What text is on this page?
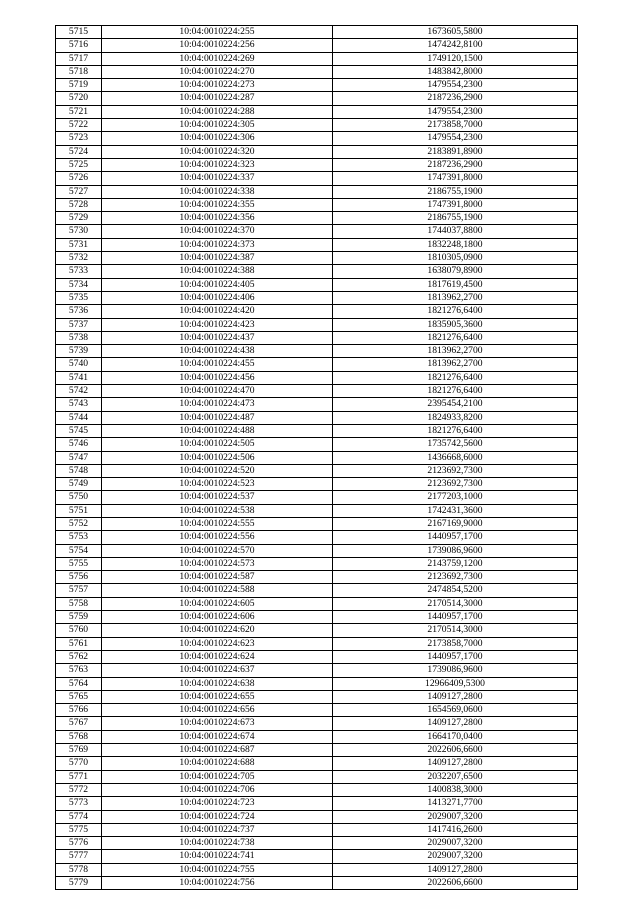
5715	10:04:0010224:255	1673605,5800
5716	10:04:0010224:256	1474242,8100
5717	10:04:0010224:269	1749120,1500
5718	10:04:0010224:270	1483842,8000
5719	10:04:0010224:273	1479554,2300
5720	10:04:0010224:287	2187236,2900
5721	10:04:0010224:288	1479554,2300
5722	10:04:0010224:305	2173858,7000
5723	10:04:0010224:306	1479554,2300
5724	10:04:0010224:320	2183891,8900
5725	10:04:0010224:323	2187236,2900
5726	10:04:0010224:337	1747391,8000
5727	10:04:0010224:338	2186755,1900
5728	10:04:0010224:355	1747391,8000
5729	10:04:0010224:356	2186755,1900
5730	10:04:0010224:370	1744037,8800
5731	10:04:0010224:373	1832248,1800
5732	10:04:0010224:387	1810305,0900
5733	10:04:0010224:388	1638079,8900
5734	10:04:0010224:405	1817619,4500
5735	10:04:0010224:406	1813962,2700
5736	10:04:0010224:420	1821276,6400
5737	10:04:0010224:423	1835905,3600
5738	10:04:0010224:437	1821276,6400
5739	10:04:0010224:438	1813962,2700
5740	10:04:0010224:455	1813962,2700
5741	10:04:0010224:456	1821276,6400
5742	10:04:0010224:470	1821276,6400
5743	10:04:0010224:473	2395454,2100
5744	10:04:0010224:487	1824933,8200
5745	10:04:0010224:488	1821276,6400
5746	10:04:0010224:505	1735742,5600
5747	10:04:0010224:506	1436668,6000
5748	10:04:0010224:520	2123692,7300
5749	10:04:0010224:523	2123692,7300
5750	10:04:0010224:537	2177203,1000
5751	10:04:0010224:538	1742431,3600
5752	10:04:0010224:555	2167169,9000
5753	10:04:0010224:556	1440957,1700
5754	10:04:0010224:570	1739086,9600
5755	10:04:0010224:573	2143759,1200
5756	10:04:0010224:587	2123692,7300
5757	10:04:0010224:588	2474854,5200
5758	10:04:0010224:605	2170514,3000
5759	10:04:0010224:606	1440957,1700
5760	10:04:0010224:620	2170514,3000
5761	10:04:0010224:623	2173858,7000
5762	10:04:0010224:624	1440957,1700
5763	10:04:0010224:637	1739086,9600
5764	10:04:0010224:638	12966409,5300
5765	10:04:0010224:655	1409127,2800
5766	10:04:0010224:656	1654569,0600
5767	10:04:0010224:673	1409127,2800
5768	10:04:0010224:674	1664170,0400
5769	10:04:0010224:687	2022606,6600
5770	10:04:0010224:688	1409127,2800
5771	10:04:0010224:705	2032207,6500
5772	10:04:0010224:706	1400838,3000
5773	10:04:0010224:723	1413271,7700
5774	10:04:0010224:724	2029007,3200
5775	10:04:0010224:737	1417416,2600
5776	10:04:0010224:738	2029007,3200
5777	10:04:0010224:741	2029007,3200
5778	10:04:0010224:755	1409127,2800
5779	10:04:0010224:756	2022606,6600
